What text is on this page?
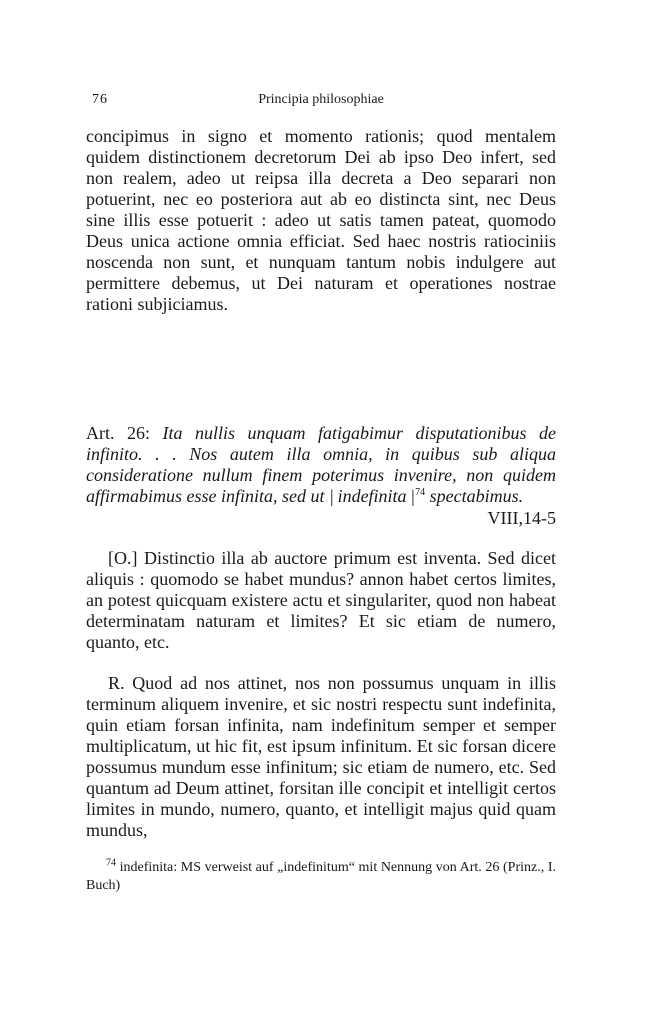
76	Principia philosophiae

concipimus in signo et momento rationis; quod mentalem quidem distinctionem decretorum Dei ab ipso Deo infert, sed non realem, adeo ut reipsa illa decreta a Deo separari non potuerint, nec eo posteriora aut ab eo distincta sint, nec Deus sine illis esse potuerit : adeo ut satis tamen pateat, quomodo Deus unica actione omnia efficiat. Sed haec nostris ratiociniis noscenda non sunt, et nunquam tantum nobis indulgere aut permittere debemus, ut Dei naturam et operationes nostrae rationi subjiciamus.

Art. 26: Ita nullis unquam fatigabimur disputationibus de infinito. . . Nos autem illa omnia, in quibus sub aliqua consideratione nullum finem poterimus invenire, non quidem affirmabimus esse infinita, sed ut | indefinita $|^{74}$ spectabimus.

VIII,14-5

[O.] Distinctio illa ab auctore primum est inventa. Sed dicet aliquis : quomodo se habet mundus? annon habet certos limites, an potest quicquam existere actu et singulariter, quod non habeat determinatam naturam et limites? Et sic etiam de numero, quanto, etc.

R. Quod ad nos attinet, nos non possumus unquam in illis terminum aliquem invenire, et sic nostri respectu sunt indefinita, quin etiam forsan infinita, nam indefinitum semper et semper multiplicatum, ut hic fit, est ipsum infinitum. Et sic forsan dicere possumus mundum esse infinitum; sic etiam de numero, etc. Sed quantum ad Deum attinet, forsitan ille concipit et intelligit certos limites in mundo, numero, quanto, et intelligit majus quid quam mundus,

$^{74}$ indefinita: MS verweist auf „indefinitum“ mit Nennung von Art. 26 (Prinz., I. Buch)
